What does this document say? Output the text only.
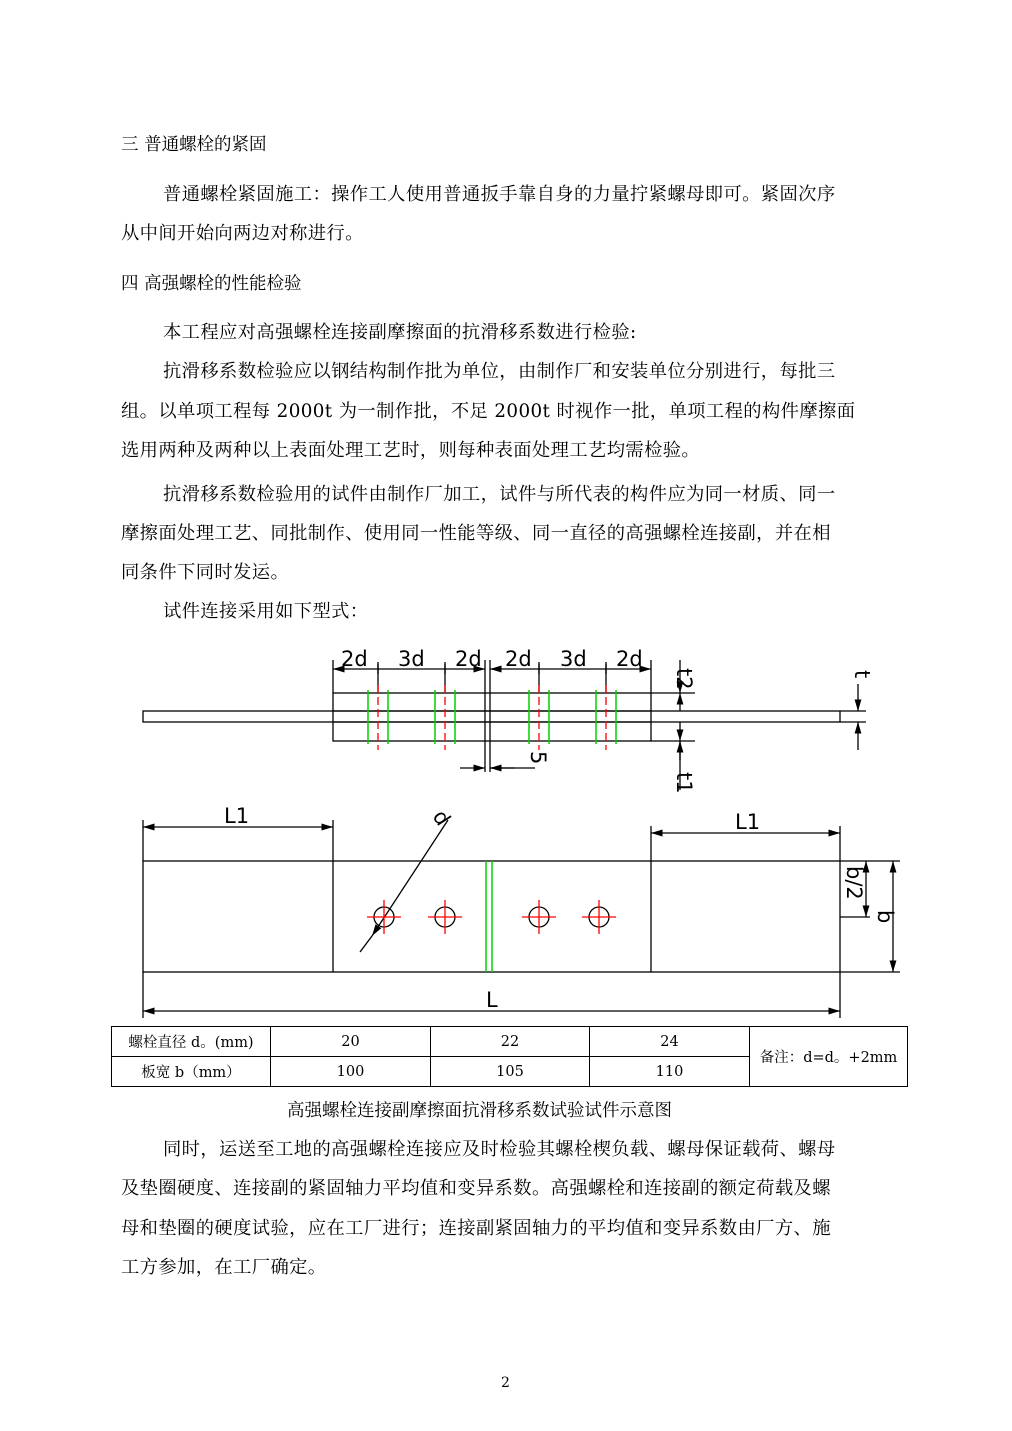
三 普通螺栓的紧固
普通螺栓紧固施工：操作工人使用普通扳手靠自身的力量拧紧螺母即可。紧固次序
从中间开始向两边对称进行。
四 高强螺栓的性能检验
本工程应对高强螺栓连接副摩擦面的抗滑移系数进行检验:
抗滑移系数检验应以钢结构制作批为单位，由制作厂和安装单位分别进行，每批三
组。以单项工程每 2000t 为一制作批，不足 2000t 时视作一批，单项工程的构件摩擦面
选用两种及两种以上表面处理工艺时，则每种表面处理工艺均需检验。
抗滑移系数检验用的试件由制作厂加工，试件与所代表的构件应为同一材质、同一
摩擦面处理工艺、同批制作、使用同一性能等级、同一直径的高强螺栓连接副，并在相
同条件下同时发运。
试件连接采用如下型式：
2d 3d 2d 2d 3d 2d
t2	t
t1
5
L1	L1
d
b/2
b
L
螺栓直径 d。(mm)	20	22	24	备注：d=d。+2mm
板宽 b（mm）	100	105	110	
高强螺栓连接副摩擦面抗滑移系数试验试件示意图
同时，运送至工地的高强螺栓连接应及时检验其螺栓楔负载、螺母保证载荷、螺母
及垫圈硬度、连接副的紧固轴力平均值和变异系数。高强螺栓和连接副的额定荷载及螺
母和垫圈的硬度试验，应在工厂进行；连接副紧固轴力的平均值和变异系数由厂方、施
工方参加，在工厂确定。
2
